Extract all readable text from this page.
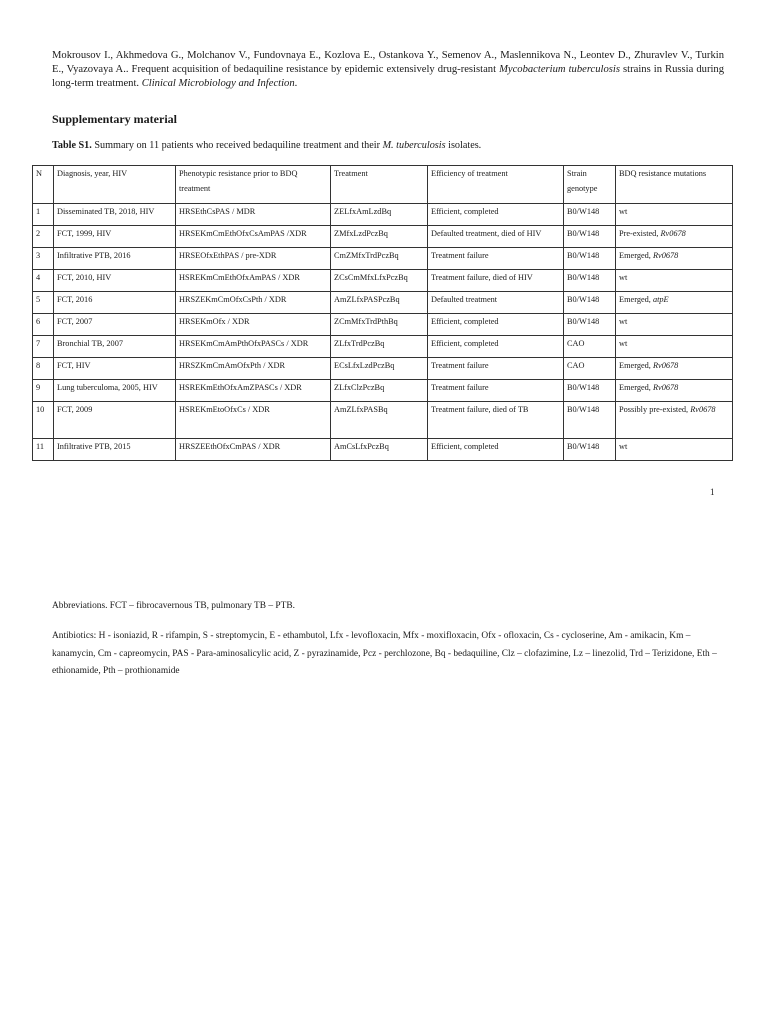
Mokrousov I., Akhmedova G., Molchanov V., Fundovnaya E., Kozlova E., Ostankova Y., Semenov A., Maslennikova N., Leontev D., Zhuravlev V., Turkin E., Vyazovaya A.. Frequent acquisition of bedaquiline resistance by epidemic extensively drug-resistant Mycobacterium tuberculosis strains in Russia during long-term treatment. Clinical Microbiology and Infection.

Supplementary material
Table S1. Summary on 11 patients who received bedaquiline treatment and their M. tuberculosis isolates.
N	Diagnosis, year, HIV	Phenotypic resistance prior to BDQ treatment	Treatment	Efficiency of treatment	Strain genotype	BDQ resistance mutations
1	Disseminated TB, 2018, HIV	HRSEthCsPAS / MDR	ZELfxAmLzdBq	Efficient, completed	B0/W148	wt
2	FCT, 1999, HIV	HRSEKmCmEthOfxCsAmPAS /XDR	ZMfxLzdPczBq	Defaulted treatment, died of HIV	B0/W148	Pre-existed, Rv0678
3	Infiltrative PTB, 2016	HRSEOfxEthPAS / pre-XDR	CmZMfxTrdPczBq	Treatment failure	B0/W148	Emerged, Rv0678
4	FCT, 2010, HIV	HSREKmCmEthOfxAmPAS / XDR	ZCsCmMfxLfxPczBq	Treatment failure, died of HIV	B0/W148	wt
5	FCT, 2016	HRSZEKmCmOfxCsPth / XDR	AmZLfxPASPczBq	Defaulted treatment	B0/W148	Emerged, atpE
6	FCT, 2007	HRSEKmOfx / XDR	ZCmMfxTrdPthBq	Efficient, completed	B0/W148	wt
7	Bronchial TB, 2007	HRSEKmCmAmPthOfxPASCs / XDR	ZLfxTrdPczBq	Efficient, completed	CAO	wt
8	FCT, HIV	HRSZKmCmAmOfxPth / XDR	ECsLfxLzdPczBq	Treatment failure	CAO	Emerged, Rv0678
9	Lung tuberculoma, 2005, HIV	HSREKmEthOfxAmZPASCs / XDR	ZLfxClzPczBq	Treatment failure	B0/W148	Emerged, Rv0678
10	FCT, 2009	HSREKmEtoOfxCs / XDR	AmZLfxPASBq	Treatment failure, died of TB	B0/W148	Possibly pre-existed, Rv0678
11	Infiltrative PTB, 2015	HRSZEEthOfxCmPAS / XDR	AmCsLfxPczBq	Efficient, completed	B0/W148	wt
1
Abbreviations. FCT – fibrocavernous TB, pulmonary TB – PTB.
Antibiotics: H - isoniazid, R - rifampin, S - streptomycin, E - ethambutol, Lfx - levofloxacin, Mfx - moxifloxacin, Ofx - ofloxacin, Cs - cycloserine, Am - amikacin, Km – kanamycin, Cm - capreomycin, PAS - Para-aminosalicylic acid, Z - pyrazinamide, Pcz - perchlozone, Bq - bedaquiline, Clz – clofazimine, Lz – linezolid, Trd – Terizidone, Eth – ethionamide, Pth – prothionamide
